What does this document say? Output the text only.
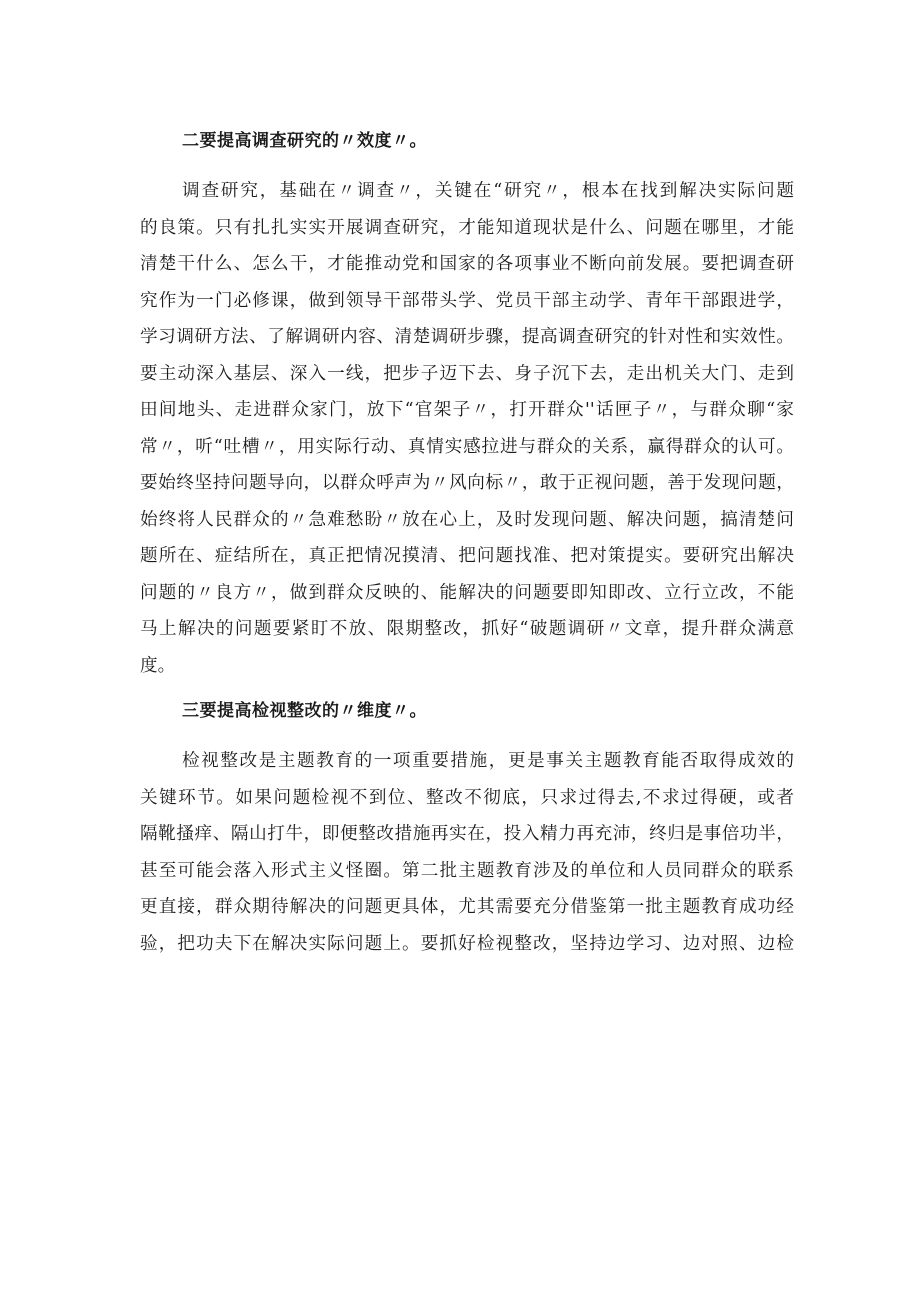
二要提高调查研究的〃效度〃。
调查研究，基础在〃调查〃，关键在“研究〃，根本在找到解决实际问题
的良策。只有扎扎实实开展调查研究，才能知道现状是什么、问题在哪里，才能
清楚干什么、怎么干，才能推动党和国家的各项事业不断向前发展。要把调查研
究作为一门必修课，做到领导干部带头学、党员干部主动学、青年干部跟进学，
学习调研方法、了解调研内容、清楚调研步骤，提高调查研究的针对性和实效性。
要主动深入基层、深入一线，把步子迈下去、身子沉下去，走出机关大门、走到
田间地头、走进群众家门，放下“官架子〃，打开群众''话匣子〃，与群众聊“家
常〃，听“吐槽〃，用实际行动、真情实感拉进与群众的关系，赢得群众的认可。
要始终坚持问题导向，以群众呼声为〃风向标〃，敢于正视问题，善于发现问题，
始终将人民群众的〃急难愁盼〃放在心上，及时发现问题、解决问题，搞清楚问
题所在、症结所在，真正把情况摸清、把问题找准、把对策提实。要研究出解决
问题的〃良方〃，做到群众反映的、能解决的问题要即知即改、立行立改，不能
马上解决的问题要紧盯不放、限期整改，抓好“破题调研〃文章，提升群众满意
度。
三要提高检视整改的〃维度〃。
检视整改是主题教育的一项重要措施，更是事关主题教育能否取得成效的
关键环节。如果问题检视不到位、整改不彻底，只求过得去,不求过得硬，或者
隔靴搔痒、隔山打牛，即便整改措施再实在，投入精力再充沛，终归是事倍功半，
甚至可能会落入形式主义怪圈。第二批主题教育涉及的单位和人员同群众的联系
更直接，群众期待解决的问题更具体，尤其需要充分借鉴第一批主题教育成功经
验，把功夫下在解决实际问题上。要抓好检视整改，坚持边学习、边对照、边检
